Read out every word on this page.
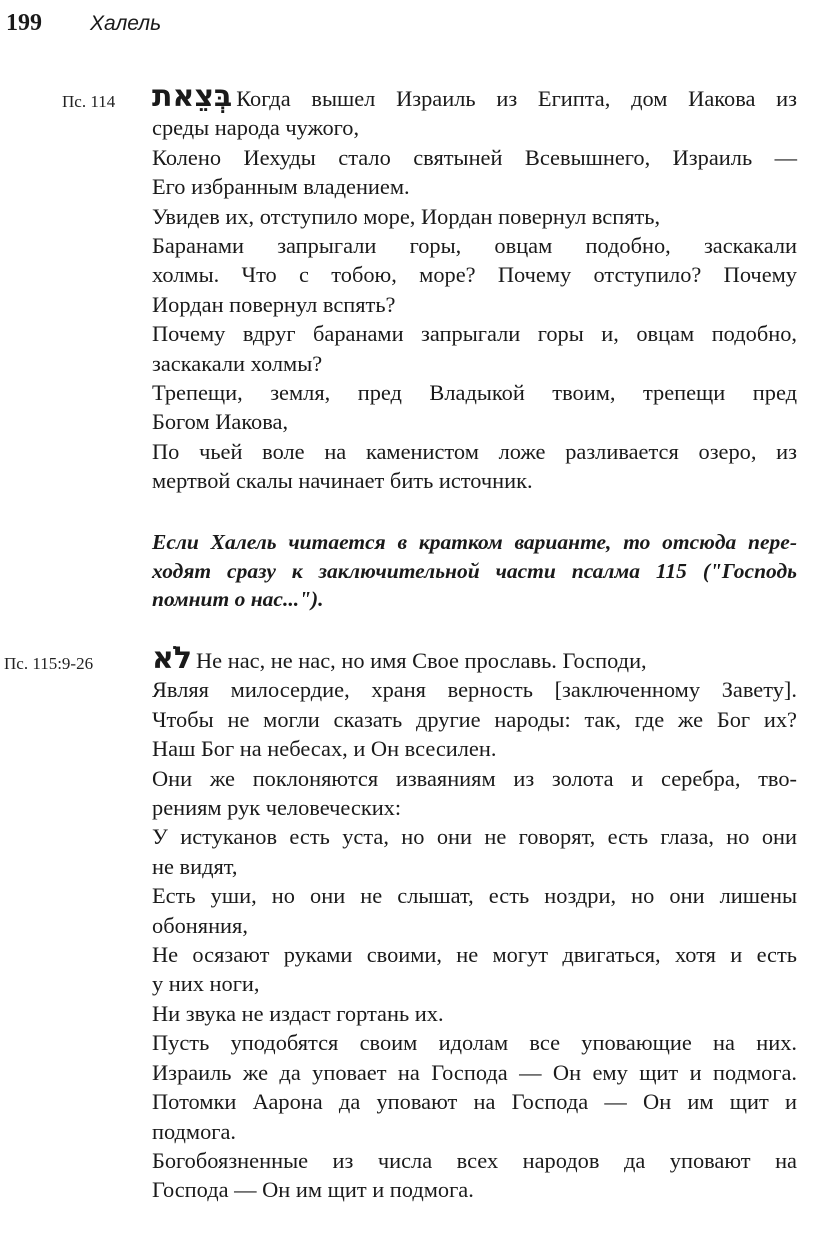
199 Халель
Пс. 114 בְּצֵאת Когда вышел Израиль из Египта, дом Иакова из
среды народа чужого,
Колено Иехуды стало святыней Всевышнего, Израиль —
Его избранным владением.
Увидев их, отступило море, Иордан повернул вспять,
Баранами запрыгали горы, овцам подобно, заскакали
холмы. Что с тобою, море? Почему отступило? Почему
Иордан повернул вспять?
Почему вдруг баранами запрыгали горы и, овцам подобно,
заскакали холмы?
Трепещи, земля, пред Владыкой твоим, трепещи пред
Богом Иакова,
По чьей воле на каменистом ложе разливается озеро, из
мертвой скалы начинает бить источник.
Если Халель читается в кратком варианте, то отсюда пере-
ходят сразу к заключительной части псалма 115 ("Господь
помнит о нас...").
Пс. 115:9-26 לֹא Не нас, не нас, но имя Свое прославь. Господи,
Являя милосердие, храня верность [заключенному Завету].
Чтобы не могли сказать другие народы: так, где же Бог их?
Наш Бог на небесах, и Он всесилен.
Они же поклоняются изваяниям из золота и серебра, тво-
рениям рук человеческих:
У истуканов есть уста, но они не говорят, есть глаза, но они
не видят,
Есть уши, но они не слышат, есть ноздри, но они лишены
обоняния,
Не осязают руками своими, не могут двигаться, хотя и есть
у них ноги,
Ни звука не издаст гортань их.
Пусть уподобятся своим идолам все уповающие на них.
Израиль же да уповает на Господа — Он ему щит и подмога.
Потомки Аарона да уповают на Господа — Он им щит и
подмога.
Богобоязненные из числа всех народов да уповают на
Господа — Он им щит и подмога.
